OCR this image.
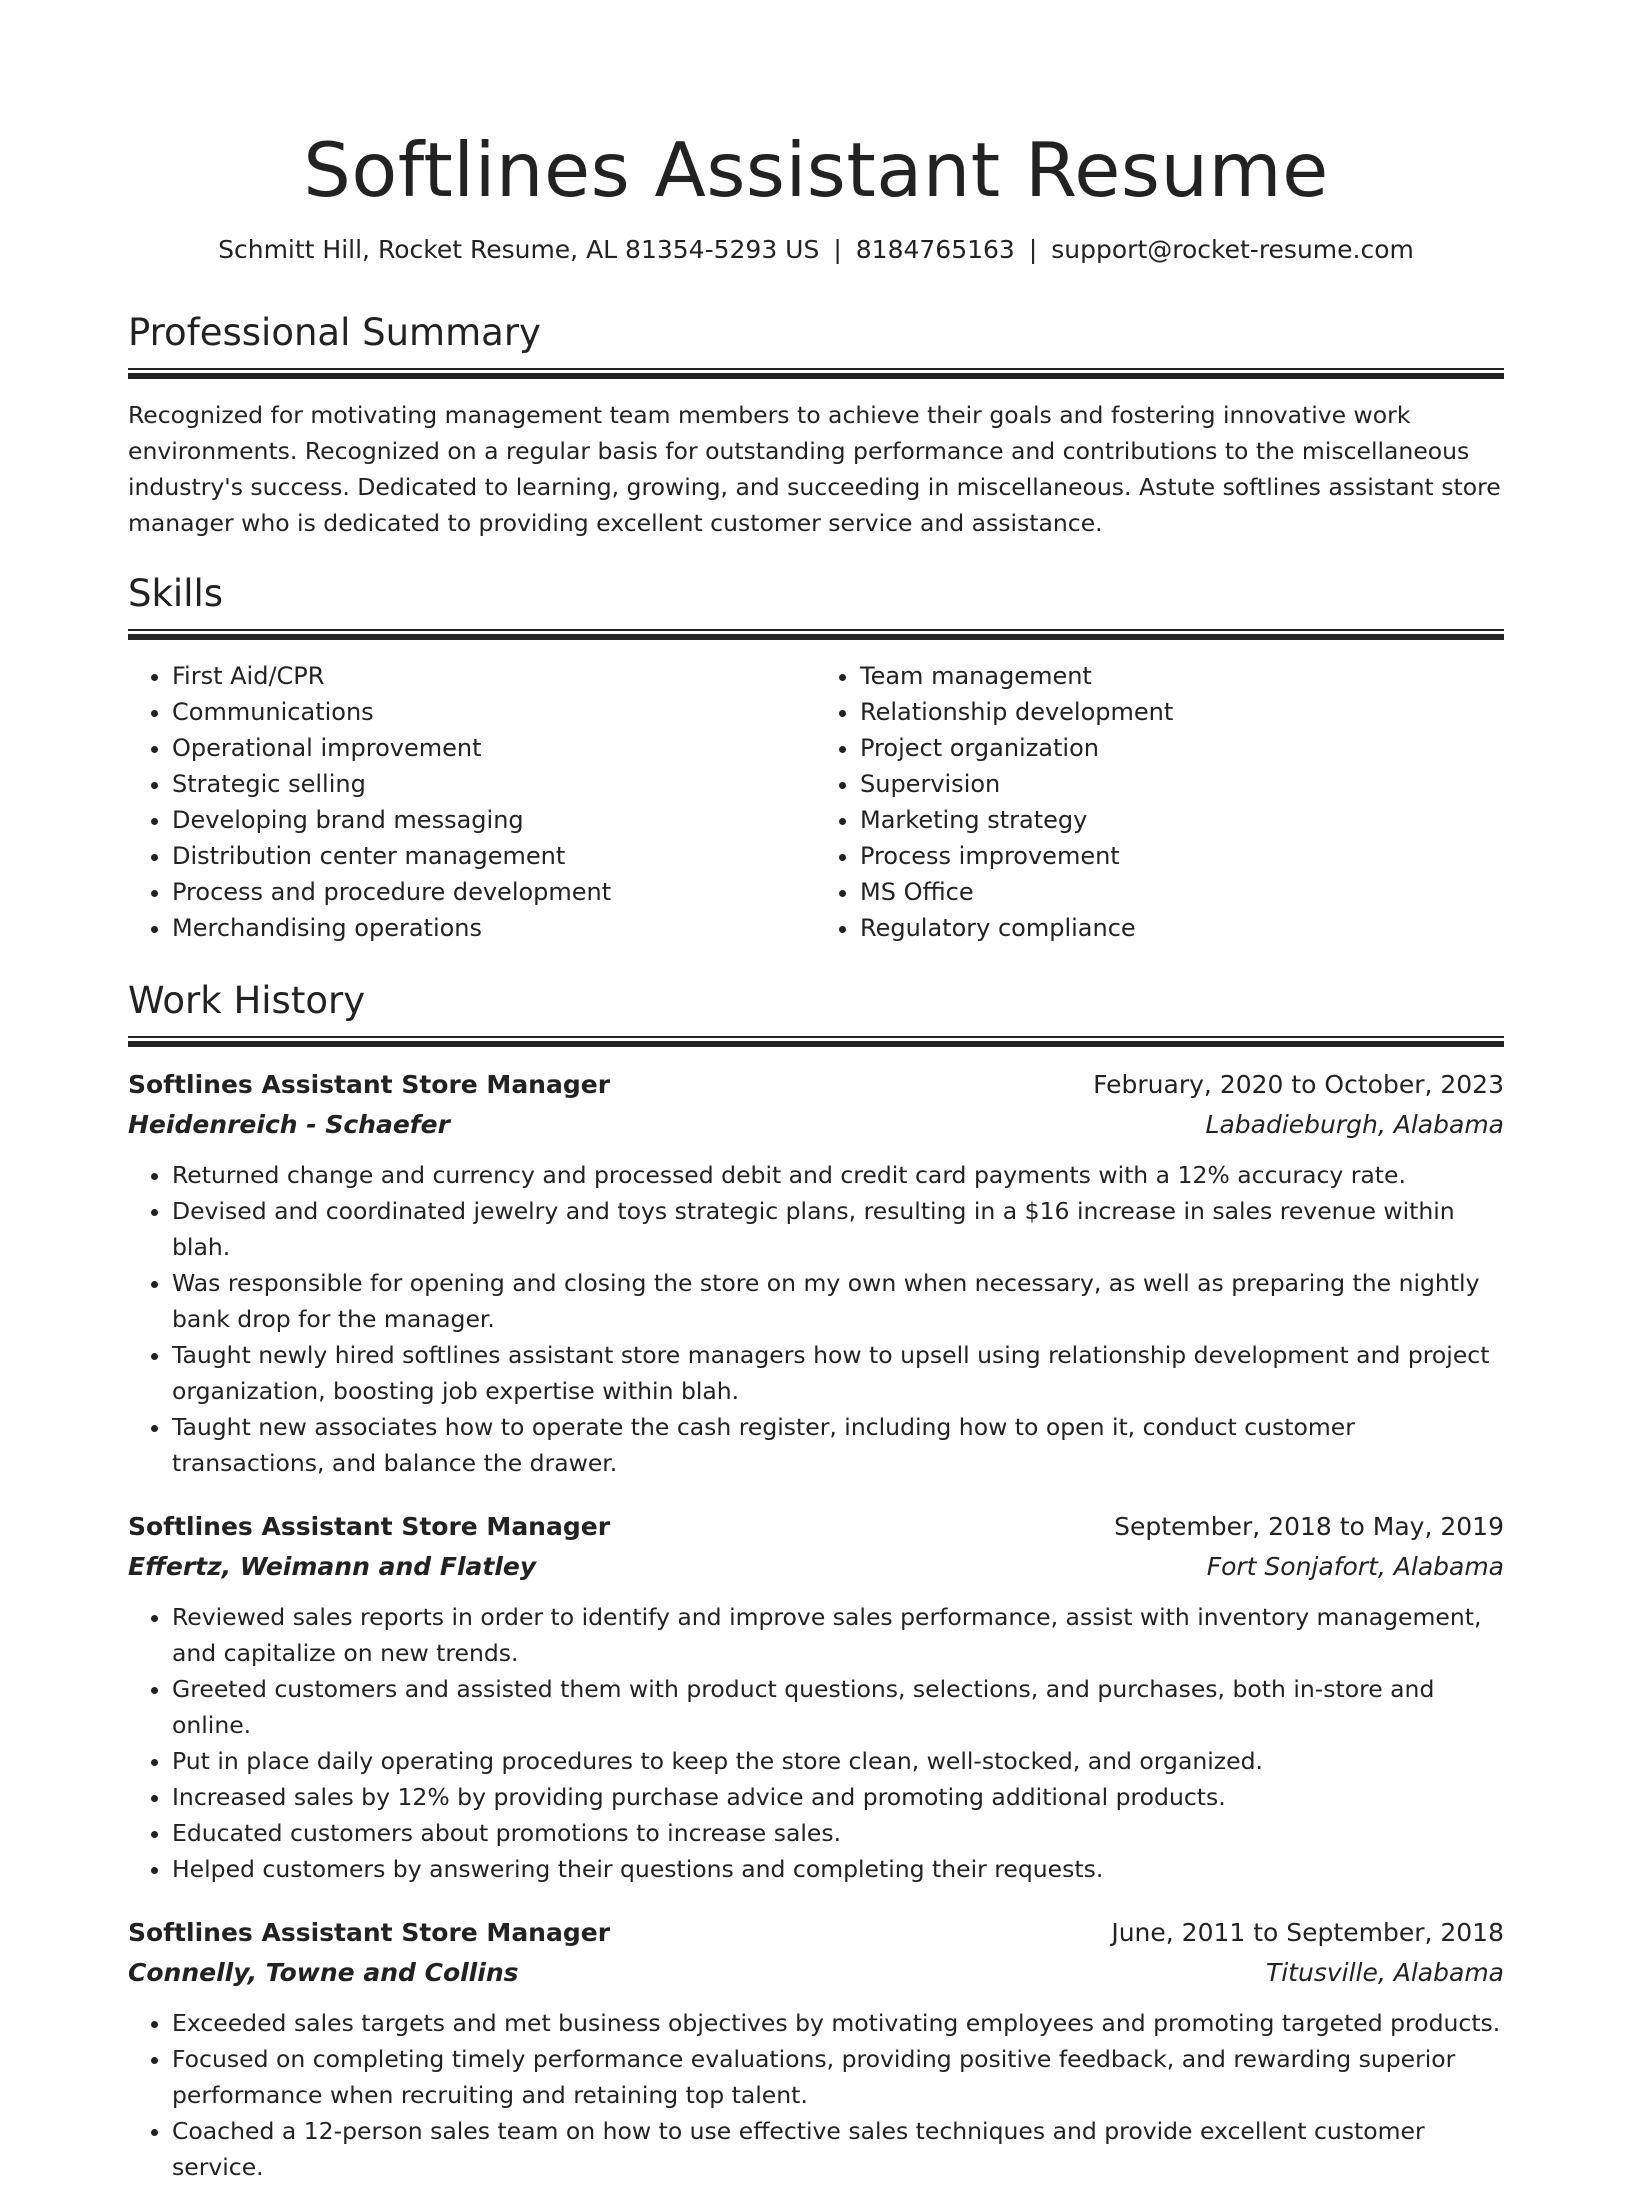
Softlines Assistant Resume
Schmitt Hill, Rocket Resume, AL 81354-5293 US | 8184765163 | support@rocket-resume.com
Professional Summary

Recognized for motivating management team members to achieve their goals and fostering innovative work environments. Recognized on a regular basis for outstanding performance and contributions to the miscellaneous industry's success. Dedicated to learning, growing, and succeeding in miscellaneous. Astute softlines assistant store manager who is dedicated to providing excellent customer service and assistance.

Skills
• First Aid/CPR
• Communications
• Operational improvement
• Strategic selling
• Developing brand messaging
• Distribution center management
• Process and procedure development
• Merchandising operations
• Team management
• Relationship development
• Project organization
• Supervision
• Marketing strategy
• Process improvement
• MS Office
• Regulatory compliance
Work History
Softlines Assistant Store Manager	February, 2020 to October, 2023
Heidenreich - Schaefer	Labadieburgh, Alabama
• Returned change and currency and processed debit and credit card payments with a 12% accuracy rate.
• Devised and coordinated jewelry and toys strategic plans, resulting in a $16 increase in sales revenue within blah.
• Was responsible for opening and closing the store on my own when necessary, as well as preparing the nightly bank drop for the manager.
• Taught newly hired softlines assistant store managers how to upsell using relationship development and project organization, boosting job expertise within blah.
• Taught new associates how to operate the cash register, including how to open it, conduct customer transactions, and balance the drawer.
Softlines Assistant Store Manager	September, 2018 to May, 2019
Effertz, Weimann and Flatley	Fort Sonjafort, Alabama
• Reviewed sales reports in order to identify and improve sales performance, assist with inventory management, and capitalize on new trends.
• Greeted customers and assisted them with product questions, selections, and purchases, both in-store and online.
• Put in place daily operating procedures to keep the store clean, well-stocked, and organized.
• Increased sales by 12% by providing purchase advice and promoting additional products.
• Educated customers about promotions to increase sales.
• Helped customers by answering their questions and completing their requests.
Softlines Assistant Store Manager	June, 2011 to September, 2018
Connelly, Towne and Collins	Titusville, Alabama
• Exceeded sales targets and met business objectives by motivating employees and promoting targeted products.
• Focused on completing timely performance evaluations, providing positive feedback, and rewarding superior performance when recruiting and retaining top talent.
• Coached a 12-person sales team on how to use effective sales techniques and provide excellent customer service.
